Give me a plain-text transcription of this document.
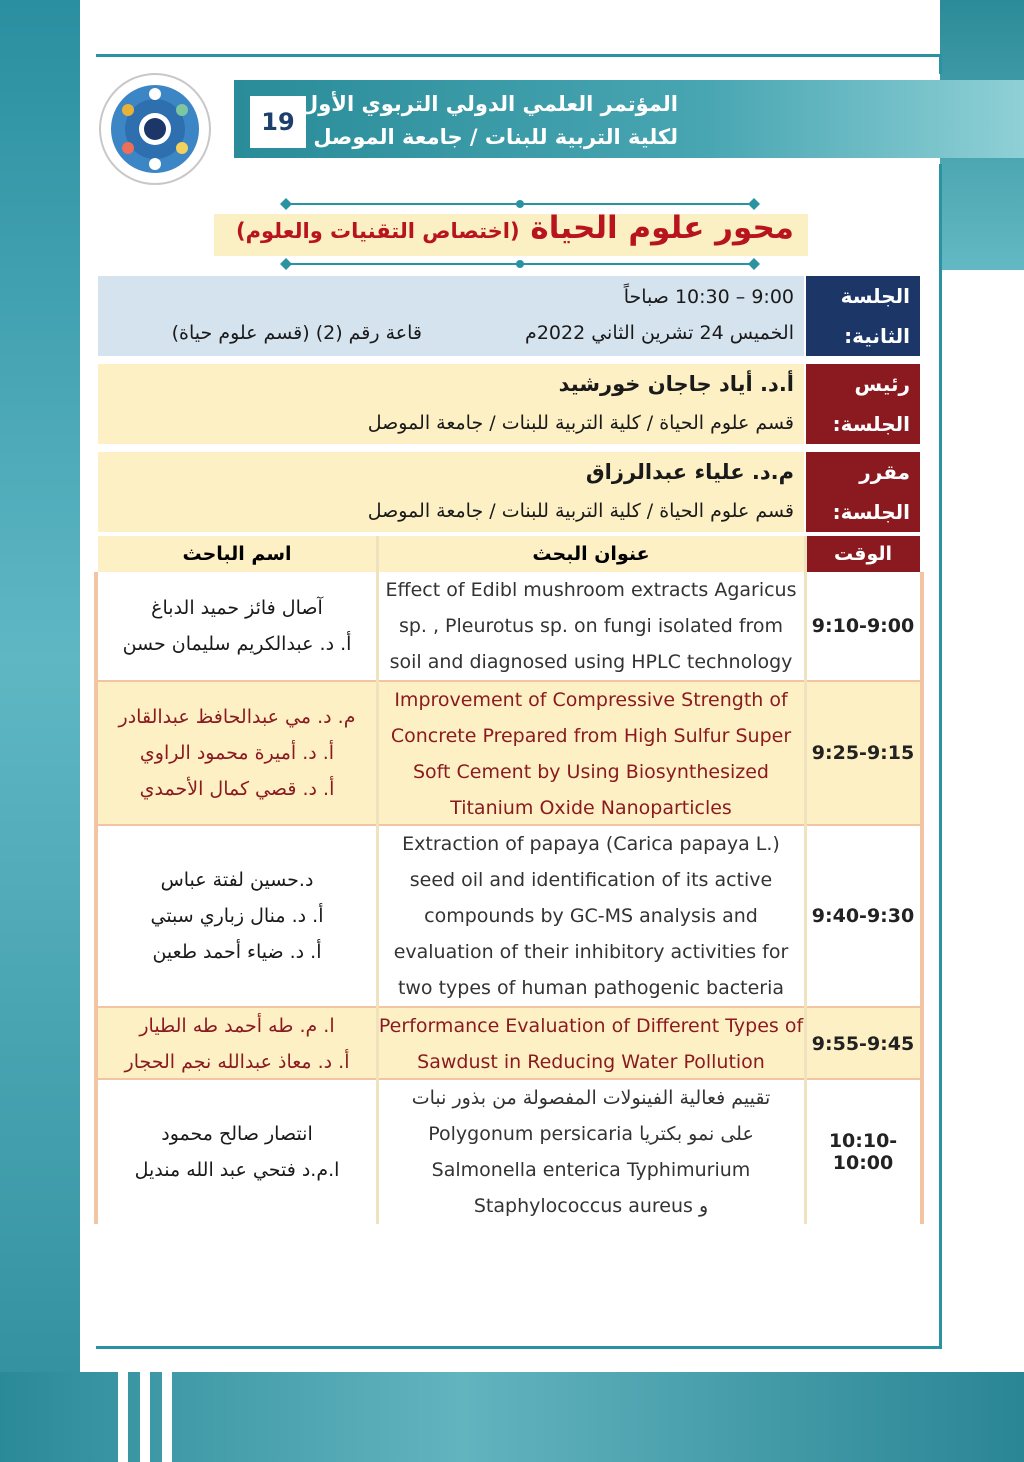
19
المؤتمر العلمي الدولي التربوي الأول
لكلية التربية للبنات / جامعة الموصل
محور علوم الحياة (اختصاص التقنيات والعلوم)
الجلسة
الثانية:
9:00 – 10:30 صباحاً
الخميس 24 تشرين الثاني 2022م
قاعة رقم (2) (قسم علوم حياة)
رئيس
الجلسة:
أ.د. أياد جاجان خورشيد
قسم علوم الحياة / كلية التربية للبنات / جامعة الموصل
مقرر
الجلسة:
م.د. علياء عبدالرزاق
قسم علوم الحياة / كلية التربية للبنات / جامعة الموصل
الوقت
عنوان البحث
اسم الباحث
9:10-9:00
Effect of Edibl mushroom extracts Agaricus
sp. , Pleurotus sp. on fungi isolated from
soil and diagnosed using HPLC technology
آصال فائز حميد الدباغ
أ. د. عبدالكريم سليمان حسن
9:25-9:15
Improvement of Compressive Strength of
Concrete Prepared from High Sulfur Super
Soft Cement by Using Biosynthesized
Titanium Oxide Nanoparticles
م. د. مي عبدالحافظ عبدالقادر
أ. د. أميرة محمود الراوي
أ. د. قصي كمال الأحمدي
9:40-9:30
Extraction of papaya (Carica papaya L.)
seed oil and identification of its active
compounds by GC-MS analysis and
evaluation of their inhibitory activities for
two types of human pathogenic bacteria
د.حسين لفتة عباس
أ. د. منال زباري سبتي
أ. د. ضياء أحمد طعين
9:55-9:45
Performance Evaluation of Different Types of
Sawdust in Reducing Water Pollution
ا. م. طه أحمد طه الطيار
أ. د. معاذ عبدالله نجم الحجار
10:10-10:00
تقييم فعالية الفينولات المفصولة من بذور نبات
على نمو بكتريا Polygonum persicaria
Salmonella enterica Typhimurium
و Staphylococcus aureus
انتصار صالح محمود
ا.م.د فتحي عبد الله منديل
